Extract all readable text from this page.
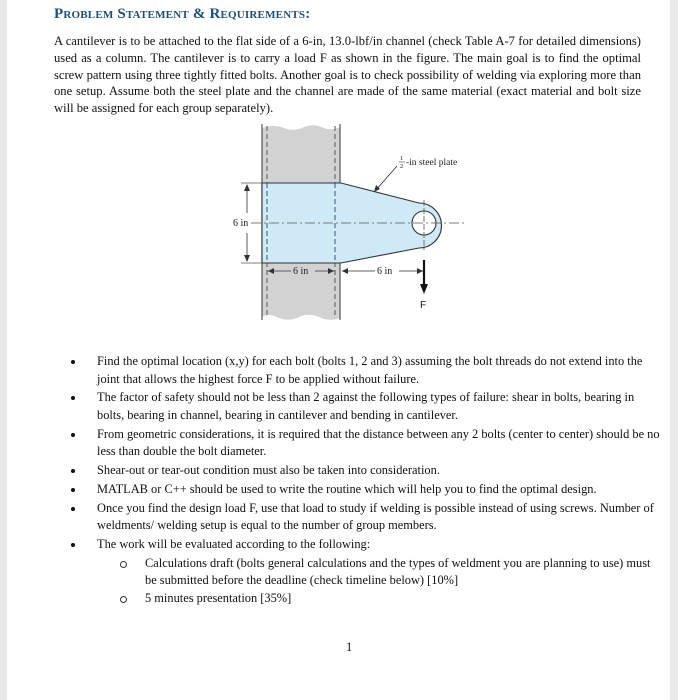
Problem Statement & Requirements:
A cantilever is to be attached to the flat side of a 6-in, 13.0-lbf/in channel (check Table A-7 for detailed dimensions) used as a column. The cantilever is to carry a load F as shown in the figure. The main goal is to find the optimal screw pattern using three tightly fitted bolts. Another goal is to check possibility of welding via exploring more than one setup. Assume both the steel plate and the channel are made of the same material (exact material and bolt size will be assigned for each group separately).
6 in
6 in	6 in
F
1
2 -in steel plate
Find the optimal location (x,y) for each bolt (bolts 1, 2 and 3) assuming the bolt threads do not extend into the joint that allows the highest force F to be applied without failure.
The factor of safety should not be less than 2 against the following types of failure: shear in bolts, bearing in bolts, bearing in channel, bearing in cantilever and bending in cantilever.
From geometric considerations, it is required that the distance between any 2 bolts (center to center) should be no less than double the bolt diameter.
Shear-out or tear-out condition must also be taken into consideration.
MATLAB or C++ should be used to write the routine which will help you to find the optimal design.
Once you find the design load F, use that load to study if welding is possible instead of using screws. Number of weldments/ welding setup is equal to the number of group members.
The work will be evaluated according to the following:
Calculations draft (bolts general calculations and the types of weldment you are planning to use) must be submitted before the deadline (check timeline below) [10%]
5 minutes presentation [35%]
1
